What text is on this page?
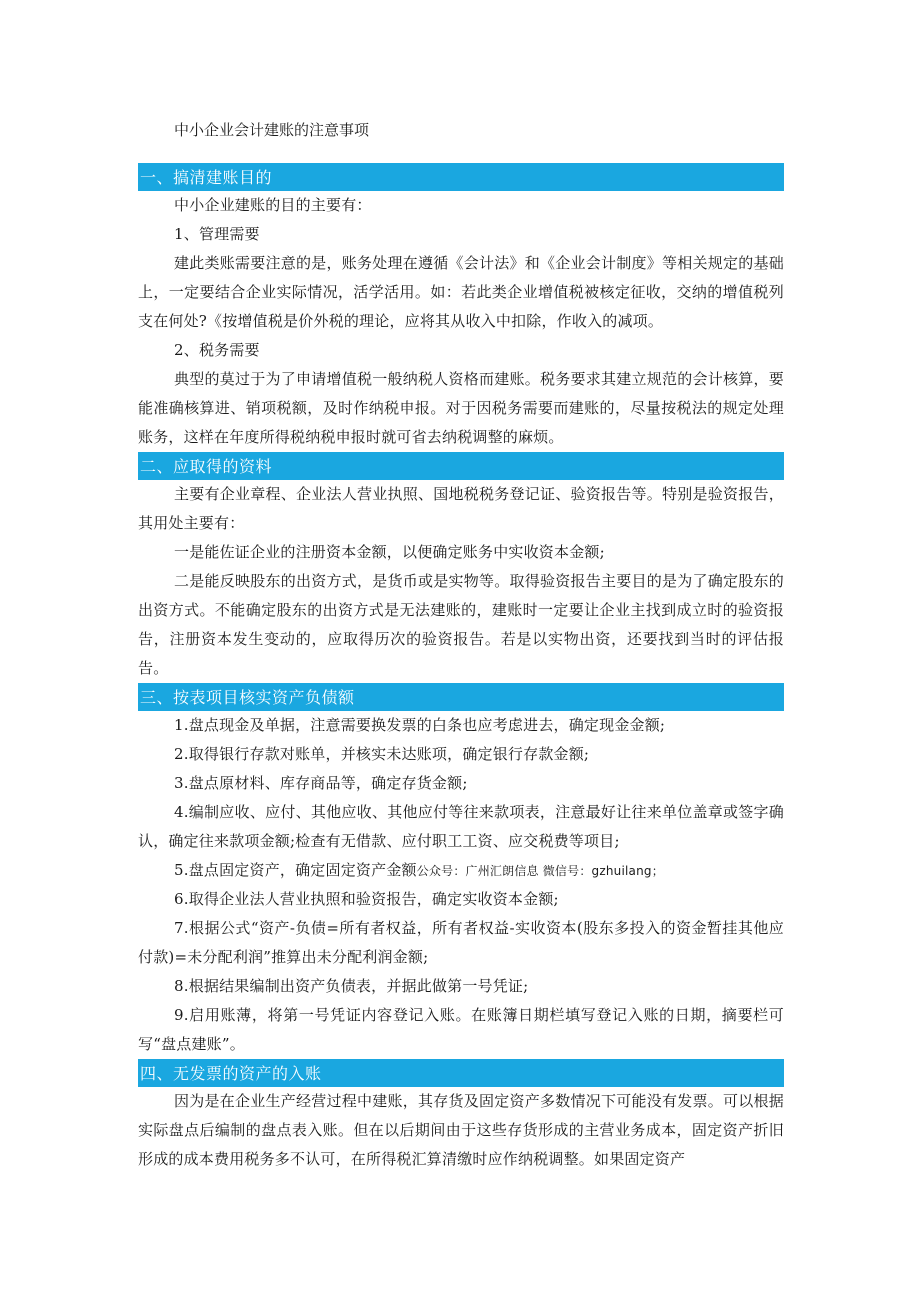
中小企业会计建账的注意事项
一、搞清建账目的
中小企业建账的目的主要有：
1、管理需要
建此类账需要注意的是，账务处理在遵循《会计法》和《企业会计制度》等相关规定的基础上，一定要结合企业实际情况，活学活用。如：若此类企业增值税被核定征收，交纳的增值税列支在何处?《按增值税是价外税的理论，应将其从收入中扣除，作收入的减项。
2、税务需要
典型的莫过于为了申请增值税一般纳税人资格而建账。税务要求其建立规范的会计核算，要能准确核算进、销项税额，及时作纳税申报。对于因税务需要而建账的，尽量按税法的规定处理账务，这样在年度所得税纳税申报时就可省去纳税调整的麻烦。
二、应取得的资料
主要有企业章程、企业法人营业执照、国地税税务登记证、验资报告等。特别是验资报告，其用处主要有：
一是能佐证企业的注册资本金额，以便确定账务中实收资本金额;
二是能反映股东的出资方式，是货币或是实物等。取得验资报告主要目的是为了确定股东的出资方式。不能确定股东的出资方式是无法建账的，建账时一定要让企业主找到成立时的验资报告，注册资本发生变动的，应取得历次的验资报告。若是以实物出资，还要找到当时的评估报告。
三、按表项目核实资产负债额
1.盘点现金及单据，注意需要换发票的白条也应考虑进去，确定现金金额;
2.取得银行存款对账单，并核实未达账项，确定银行存款金额;
3.盘点原材料、库存商品等，确定存货金额;
4.编制应收、应付、其他应收、其他应付等往来款项表，注意最好让往来单位盖章或签字确认，确定往来款项金额;检查有无借款、应付职工工资、应交税费等项目;
5.盘点固定资产，确定固定资产金额公众号：广州汇朗信息 微信号：gzhuilang；
6.取得企业法人营业执照和验资报告，确定实收资本金额;
7.根据公式“资产-负债=所有者权益，所有者权益-实收资本(股东多投入的资金暂挂其他应付款)=未分配利润”推算出未分配利润金额;
8.根据结果编制出资产负债表，并据此做第一号凭证;
9.启用账薄，将第一号凭证内容登记入账。在账簿日期栏填写登记入账的日期，摘要栏可写“盘点建账”。
四、无发票的资产的入账
因为是在企业生产经营过程中建账，其存货及固定资产多数情况下可能没有发票。可以根据实际盘点后编制的盘点表入账。但在以后期间由于这些存货形成的主营业务成本，固定资产折旧形成的成本费用税务多不认可，在所得税汇算清缴时应作纳税调整。如果固定资产
